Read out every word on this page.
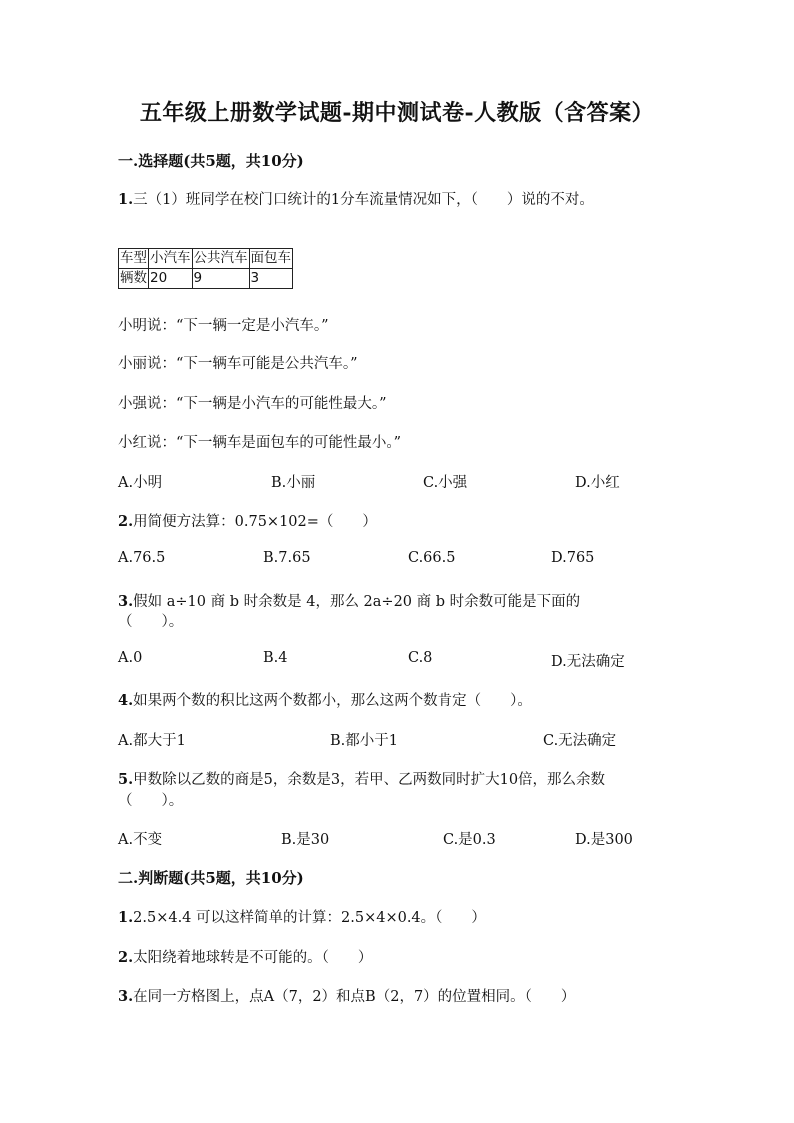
五年级上册数学试题-期中测试卷-人教版（含答案）
一.选择题(共5题，共10分)
1.三（1）班同学在校门口统计的1分车流量情况如下，（　　）说的不对。
车型	小汽车	公共汽车	面包车
辆数	20	9	3
小明说：“下一辆一定是小汽车。”
小丽说：“下一辆车可能是公共汽车。”
小强说：“下一辆是小汽车的可能性最大。”
小红说：“下一辆车是面包车的可能性最小。”
A.小明	B.小丽	C.小强	D.小红
2.用简便方法算：0.75×102=（　　）
A.76.5	B.7.65	C.66.5	D.765
3.假如 a÷10 商 b 时余数是 4，那么 2a÷20 商 b 时余数可能是下面的
（　　）。
A.0	B.4	C.8	D.无法确定
4.如果两个数的积比这两个数都小，那么这两个数肯定（　　）。
A.都大于1	B.都小于1	C.无法确定
5.甲数除以乙数的商是5，余数是3，若甲、乙两数同时扩大10倍，那么余数
（　　）。
A.不变	B.是30	C.是0.3	D.是300
二.判断题(共5题，共10分)
1.2.5×4.4 可以这样简单的计算：2.5×4×0.4。（　　）
2.太阳绕着地球转是不可能的。（　　）
3.在同一方格图上，点A（7，2）和点B（2，7）的位置相同。（　　）
